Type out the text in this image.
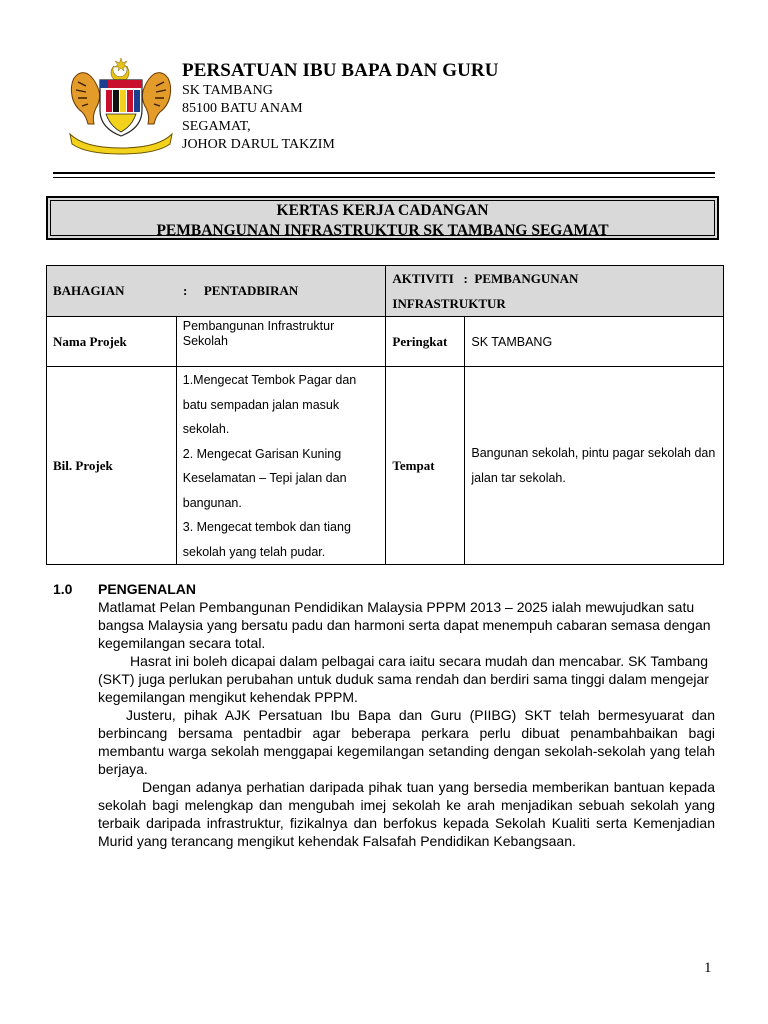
PERSATUAN IBU BAPA DAN GURU
SK TAMBANG
85100 BATU ANAM
SEGAMAT,
JOHOR DARUL TAKZIM
KERTAS KERJA CADANGAN
PEMBANGUNAN INFRASTRUKTUR SK TAMBANG SEGAMAT
BAHAGIAN : PENTADBIRAN		AKTIVITI   :  PEMBANGUNAN
INFRASTRUKTUR	

Nama Projek	Pembangunan Infrastruktur Sekolah	Peringkat	SK TAMBANG
Bil. Projek	1.Mengecat Tembok Pagar dan batu sempadan jalan masuk sekolah.
2. Mengecat Garisan Kuning Keselamatan – Tepi jalan dan bangunan.
3. Mengecat tembok dan tiang sekolah yang telah pudar.	Tempat	Bangunan sekolah, pintu pagar sekolah dan jalan tar sekolah.
1.0	PENGENALAN
Matlamat Pelan Pembangunan Pendidikan Malaysia PPPM 2013 – 2025 ialah mewujudkan satu bangsa Malaysia yang bersatu padu dan harmoni serta dapat menempuh cabaran semasa dengan kegemilangan secara total.
Hasrat ini boleh dicapai dalam pelbagai cara iaitu secara mudah dan mencabar. SK Tambang (SKT) juga perlukan perubahan untuk duduk sama rendah dan berdiri sama tinggi dalam mengejar kegemilangan mengikut kehendak PPPM.
Justeru, pihak AJK Persatuan Ibu Bapa dan Guru (PIIBG) SKT telah bermesyuarat dan berbincang bersama pentadbir agar beberapa perkara perlu dibuat penambahbaikan bagi membantu warga sekolah menggapai kegemilangan setanding dengan sekolah-sekolah yang telah berjaya.
Dengan adanya perhatian daripada pihak tuan yang bersedia memberikan bantuan kepada sekolah bagi melengkap dan mengubah imej sekolah ke arah menjadikan sebuah sekolah yang terbaik daripada infrastruktur, fizikalnya dan berfokus kepada Sekolah Kualiti serta Kemenjadian Murid yang terancang mengikut kehendak Falsafah Pendidikan Kebangsaan.
1
